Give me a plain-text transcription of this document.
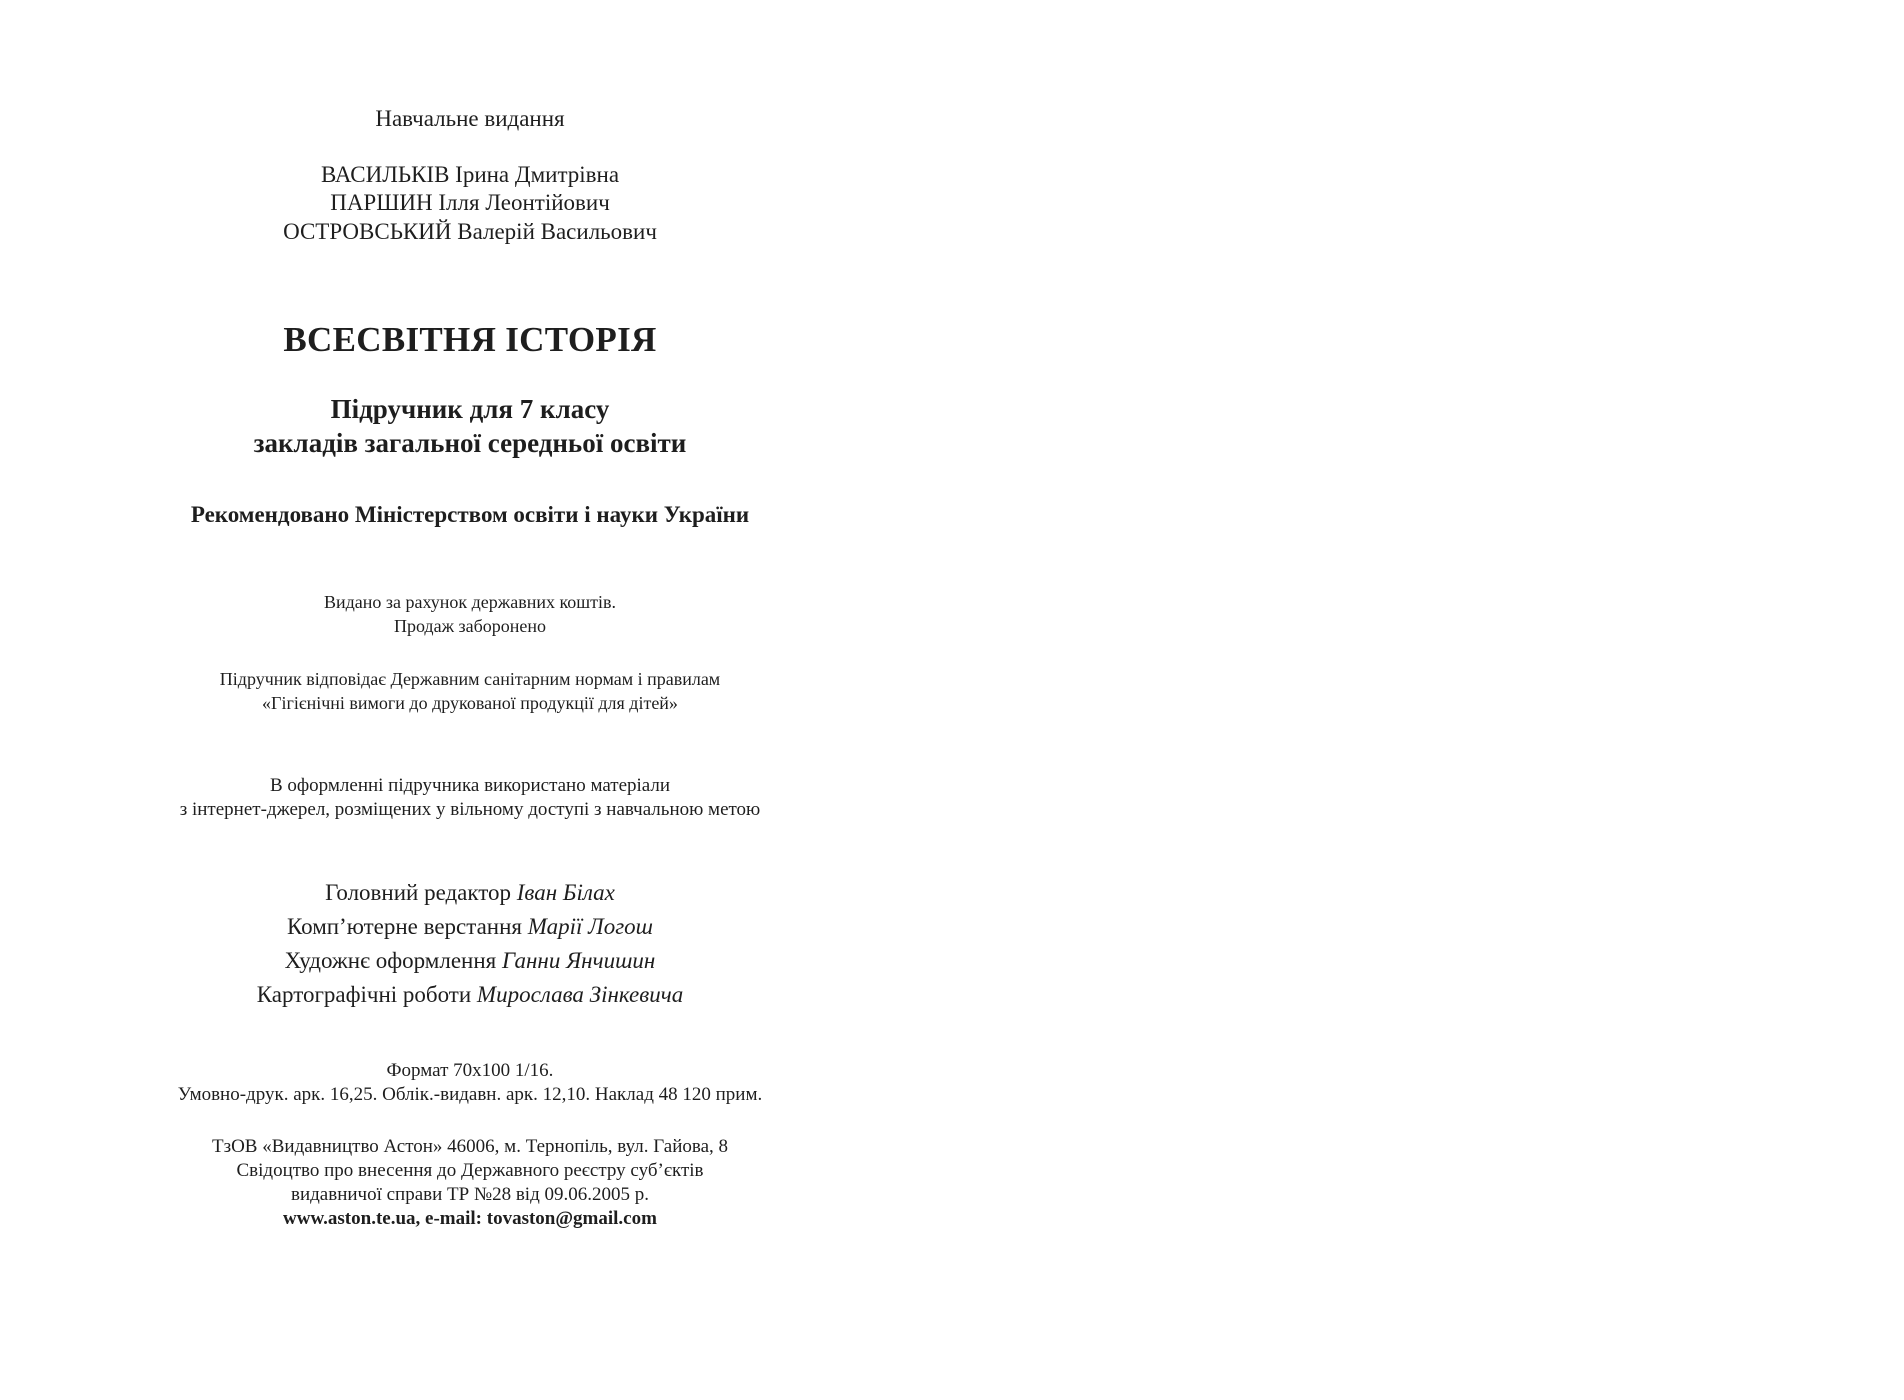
Навчальне видання
ВАСИЛЬКІВ Ірина Дмитрівна
ПАРШИН Ілля Леонтійович
ОСТРОВСЬКИЙ Валерій Васильович
ВСЕСВІТНЯ ІСТОРІЯ
Підручник для 7 класу
закладів загальної середньої освіти
Рекомендовано Міністерством освіти і науки України
Видано за рахунок державних коштів.
Продаж заборонено
Підручник відповідає Державним санітарним нормам і правилам
«Гігієнічні вимоги до друкованої продукції для дітей»
В оформленні підручника використано матеріали
з інтернет-джерел, розміщених у вільному доступі з навчальною метою
Головний редактор Іван Білах
Комп’ютерне верстання Марії Логош
Художнє оформлення Ганни Янчишин
Картографічні роботи Мирослава Зінкевича
Формат 70x100 1/16.
Умовно-друк. арк. 16,25. Облік.-видавн. арк. 12,10. Наклад 48 120 прим.
ТзОВ «Видавництво Астон» 46006, м. Тернопіль, вул. Гайова, 8
Свідоцтво про внесення до Державного реєстру суб’єктів
видавничої справи ТР №28 від 09.06.2005 р.
www.aston.te.ua, e-mail: tovaston@gmail.com
